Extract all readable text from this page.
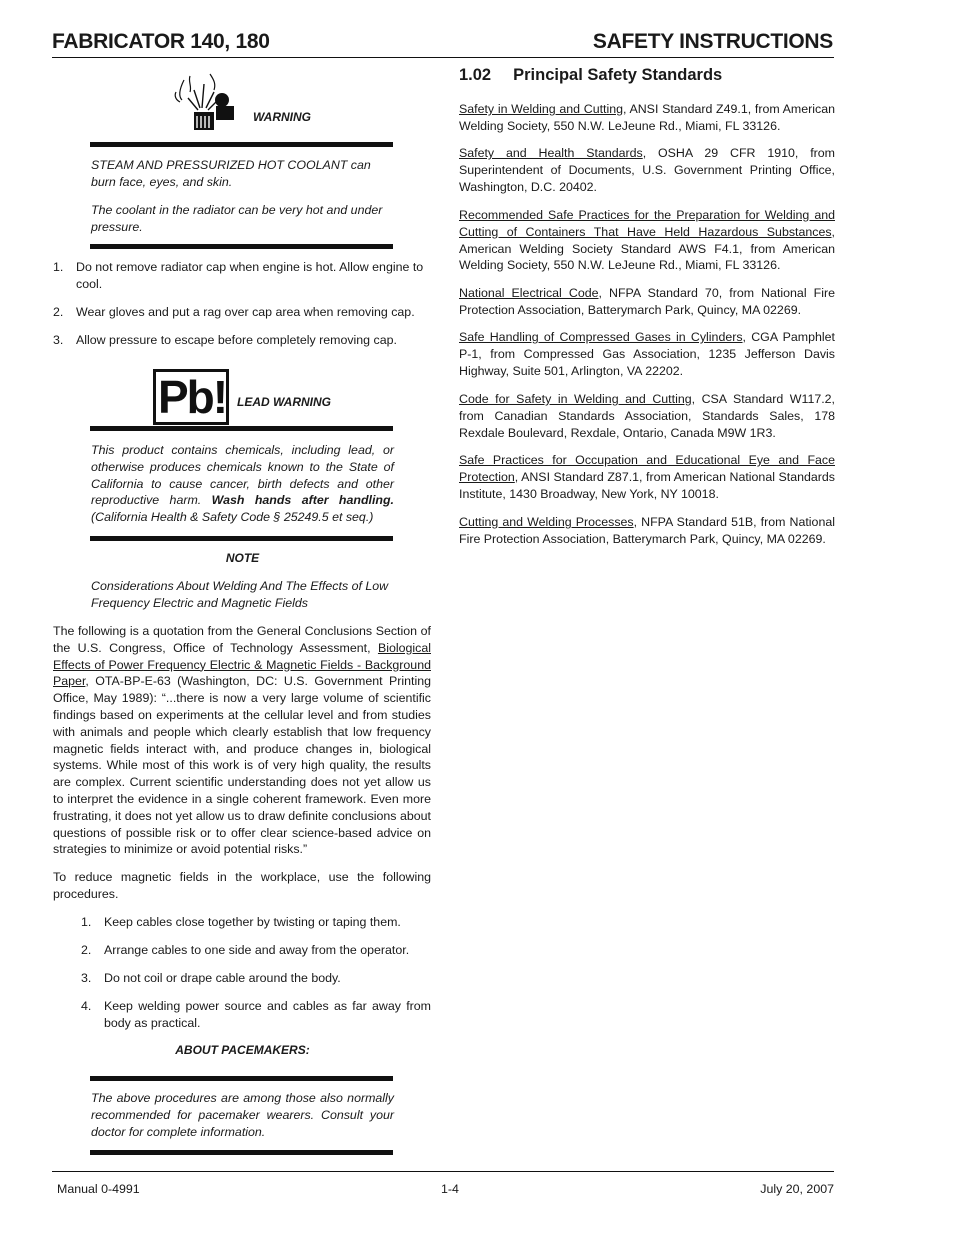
FABRICATOR 140, 180	SAFETY INSTRUCTIONS
WARNING

STEAM AND PRESSURIZED HOT COOLANT can burn face, eyes, and skin.

The coolant in the radiator can be very hot and under pressure.

1. Do not remove radiator cap when engine is hot. Allow engine to cool.
2. Wear gloves and put a rag over cap area when removing cap.
3. Allow pressure to escape before completely removing cap.
Pb! LEAD WARNING

This product contains chemicals, including lead, or otherwise produces chemicals known to the State of California to cause cancer, birth defects and other reproductive harm. Wash hands after handling. (California Health & Safety Code § 25249.5 et seq.)

NOTE

Considerations About Welding And The Effects of Low Frequency Electric and Magnetic Fields

The following is a quotation from the General Conclusions Section of the U.S. Congress, Office of Technology Assessment, Biological Effects of Power Frequency Electric & Magnetic Fields - Background Paper, OTA-BP-E-63 (Washington, DC: U.S. Government Printing Office, May 1989): “...there is now a very large volume of scientific findings based on experiments at the cellular level and from studies with animals and people which clearly establish that low frequency magnetic fields interact with, and produce changes in, biological systems. While most of this work is of very high quality, the results are complex. Current scientific understanding does not yet allow us to interpret the evidence in a single coherent framework. Even more frustrating, it does not yet allow us to draw definite conclusions about questions of possible risk or to offer clear science-based advice on strategies to minimize or avoid potential risks.”

To reduce magnetic fields in the workplace, use the following procedures.

1. Keep cables close together by twisting or taping them.
2. Arrange cables to one side and away from the operator.
3. Do not coil or drape cable around the body.
4. Keep welding power source and cables as far away from body as practical.
ABOUT PACEMAKERS:

The above procedures are among those also normally recommended for pacemaker wearers. Consult your doctor for complete information.

1.02 Principal Safety Standards

Safety in Welding and Cutting, ANSI Standard Z49.1, from American Welding Society, 550 N.W. LeJeune Rd., Miami, FL 33126.

Safety and Health Standards, OSHA 29 CFR 1910, from Superintendent of Documents, U.S. Government Printing Office, Washington, D.C. 20402.

Recommended Safe Practices for the Preparation for Welding and Cutting of Containers That Have Held Hazardous Substances, American Welding Society Standard AWS F4.1, from American Welding Society, 550 N.W. LeJeune Rd., Miami, FL 33126.

National Electrical Code, NFPA Standard 70, from National Fire Protection Association, Batterymarch Park, Quincy, MA 02269.

Safe Handling of Compressed Gases in Cylinders, CGA Pamphlet P-1, from Compressed Gas Association, 1235 Jefferson Davis Highway, Suite 501, Arlington, VA 22202.

Code for Safety in Welding and Cutting, CSA Standard W117.2, from Canadian Standards Association, Standards Sales, 178 Rexdale Boulevard, Rexdale, Ontario, Canada M9W 1R3.

Safe Practices for Occupation and Educational Eye and Face Protection, ANSI Standard Z87.1, from American National Standards Institute, 1430 Broadway, New York, NY 10018.

Cutting and Welding Processes, NFPA Standard 51B, from National Fire Protection Association, Batterymarch Park, Quincy, MA 02269.

Manual 0-4991	1-4	July 20, 2007
